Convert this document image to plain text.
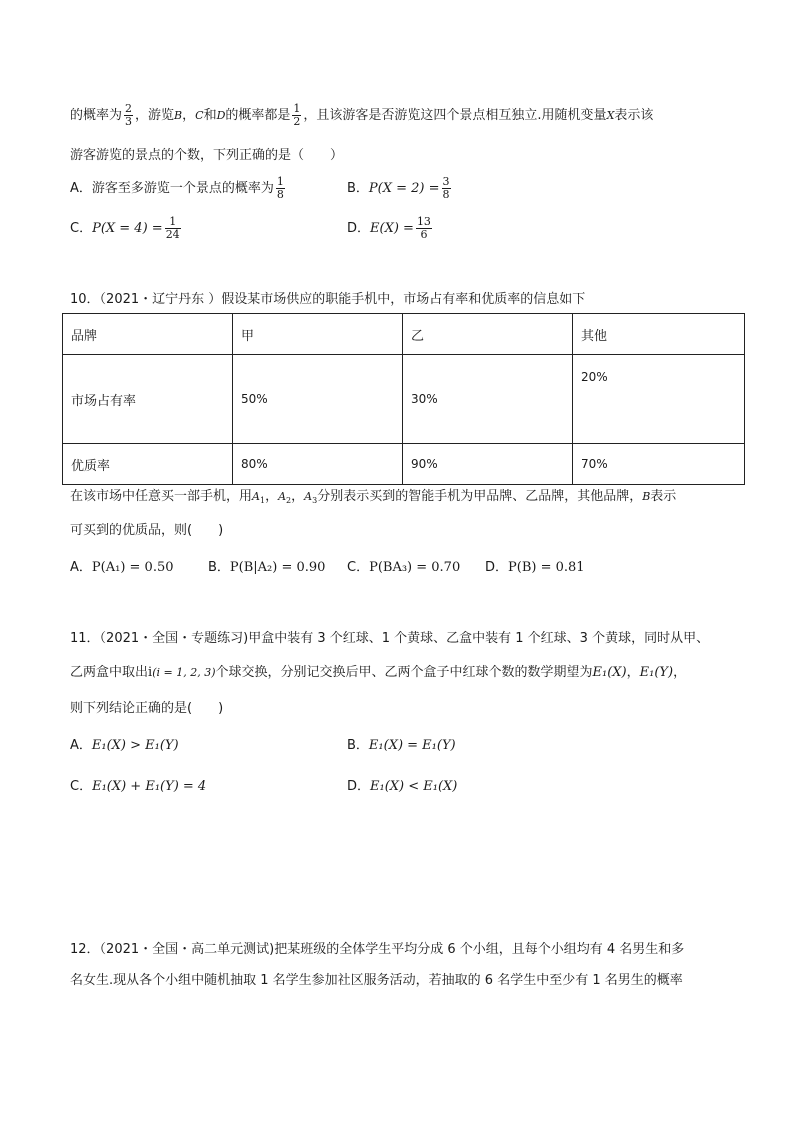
的概率为 $\frac{2}{3}$ ，游览B，C和D的概率都是 $\frac{1}{2}$ ，且该游客是否游览这四个景点相互独立.用随机变量X表示该
游客游览的景点的个数，下列正确的是（　　）
A．游客至多游览一个景点的概率为 $\frac{1}{8}$	B．$P(X = 2) = \frac{3}{8}$
C．$P(X = 4) = \frac{1}{24}$	D．$E(X) = \frac{13}{6}$
10．（2021・辽宁丹东 ）假设某市场供应的职能手机中，市场占有率和优质率的信息如下
品牌	甲	乙	其他
市场占有率	50%	30%	20%
优质率	80%	90%	70%
在该市场中任意买一部手机，用$A_1$，$A_2$，$A_3$分别表示买到的智能手机为甲品牌、乙品牌，其他品牌，B表示
可买到的优质品，则(　　)
A．P(A₁) = 0.50	B．P(B|A₂) = 0.90 C．P(BA₃) = 0.70 D．P(B) = 0.81
11．（2021・全国・专题练习)甲盒中装有 3 个红球、1 个黄球、乙盒中装有 1 个红球、3 个黄球，同时从甲、
乙两盒中取出i(i = 1, 2, 3)个球交换，分别记交换后甲、乙两个盒子中红球个数的数学期望为E₁(X)，E₁(Y)，
则下列结论正确的是(　　)
A．E₁(X) > E₁(Y)	B．E₁(X) = E₁(Y)
C．E₁(X) + E₁(Y) = 4	D．E₁(X) < E₁(X)
12．（2021・全国・高二单元测试)把某班级的全体学生平均分成 6 个小组，且每个小组均有 4 名男生和多
名女生.现从各个小组中随机抽取 1 名学生参加社区服务活动，若抽取的 6 名学生中至少有 1 名男生的概率
